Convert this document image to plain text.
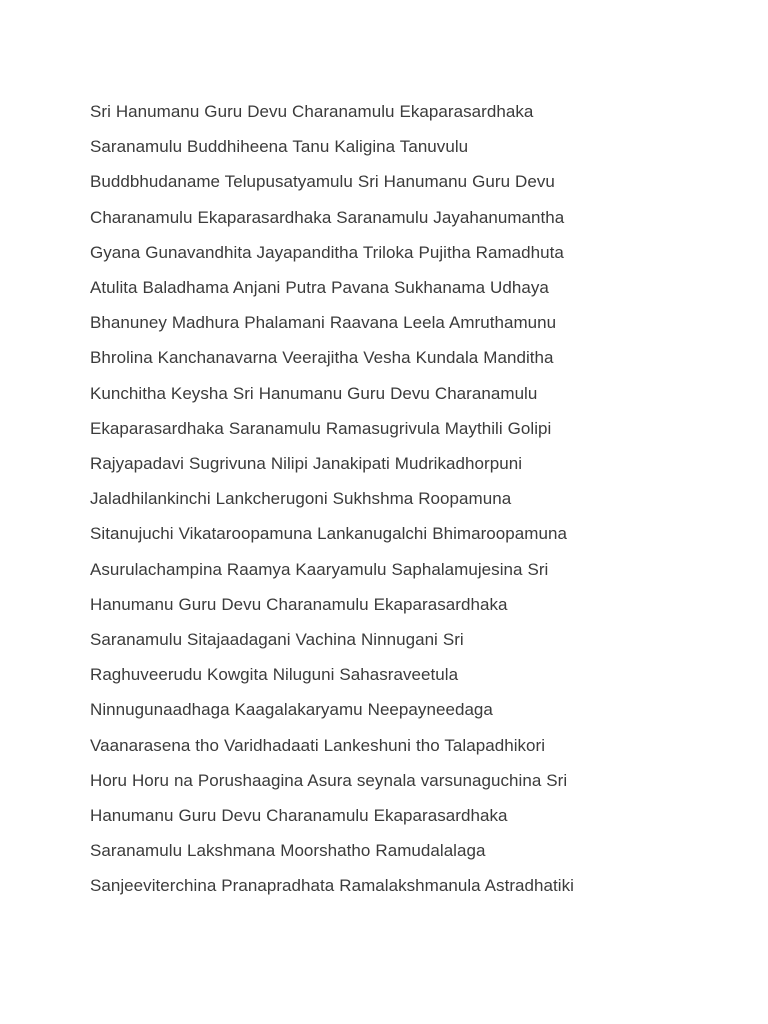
Sri Hanumanu Guru Devu Charanamulu Ekaparasardhaka
Saranamulu Buddhiheena Tanu Kaligina Tanuvulu
Buddbhudaname Telupusatyamulu Sri Hanumanu Guru Devu
Charanamulu Ekaparasardhaka Saranamulu Jayahanumantha
Gyana Gunavandhita Jayapanditha Triloka Pujitha Ramadhuta
Atulita Baladhama Anjani Putra Pavana Sukhanama Udhaya
Bhanuney Madhura Phalamani Raavana Leela Amruthamunu
Bhrolina Kanchanavarna Veerajitha Vesha Kundala Manditha
Kunchitha Keysha Sri Hanumanu Guru Devu Charanamulu
Ekaparasardhaka Saranamulu Ramasugrivula Maythili Golipi
Rajyapadavi Sugrivuna Nilipi Janakipati Mudrikadhorpuni
Jaladhilankinchi Lankcherugoni Sukhshma Roopamuna
Sitanujuchi Vikataroopamuna Lankanugalchi Bhimaroopamuna
Asurulachampina Raamya Kaaryamulu Saphalamujesina Sri
Hanumanu Guru Devu Charanamulu Ekaparasardhaka
Saranamulu Sitajaadagani Vachina Ninnugani Sri
Raghuveerudu Kowgita Niluguni Sahasraveetula
Ninnugunaadhaga Kaagalakaryamu Neepayneedaga
Vaanarasena tho Varidhadaati Lankeshuni tho Talapadhikori
Horu Horu na Porushaagina Asura seynala varsunaguchina Sri
Hanumanu Guru Devu Charanamulu Ekaparasardhaka
Saranamulu Lakshmana Moorshatho Ramudalalaga
Sanjeeviterchina Pranapradhata Ramalakshmanula Astradhatiki
